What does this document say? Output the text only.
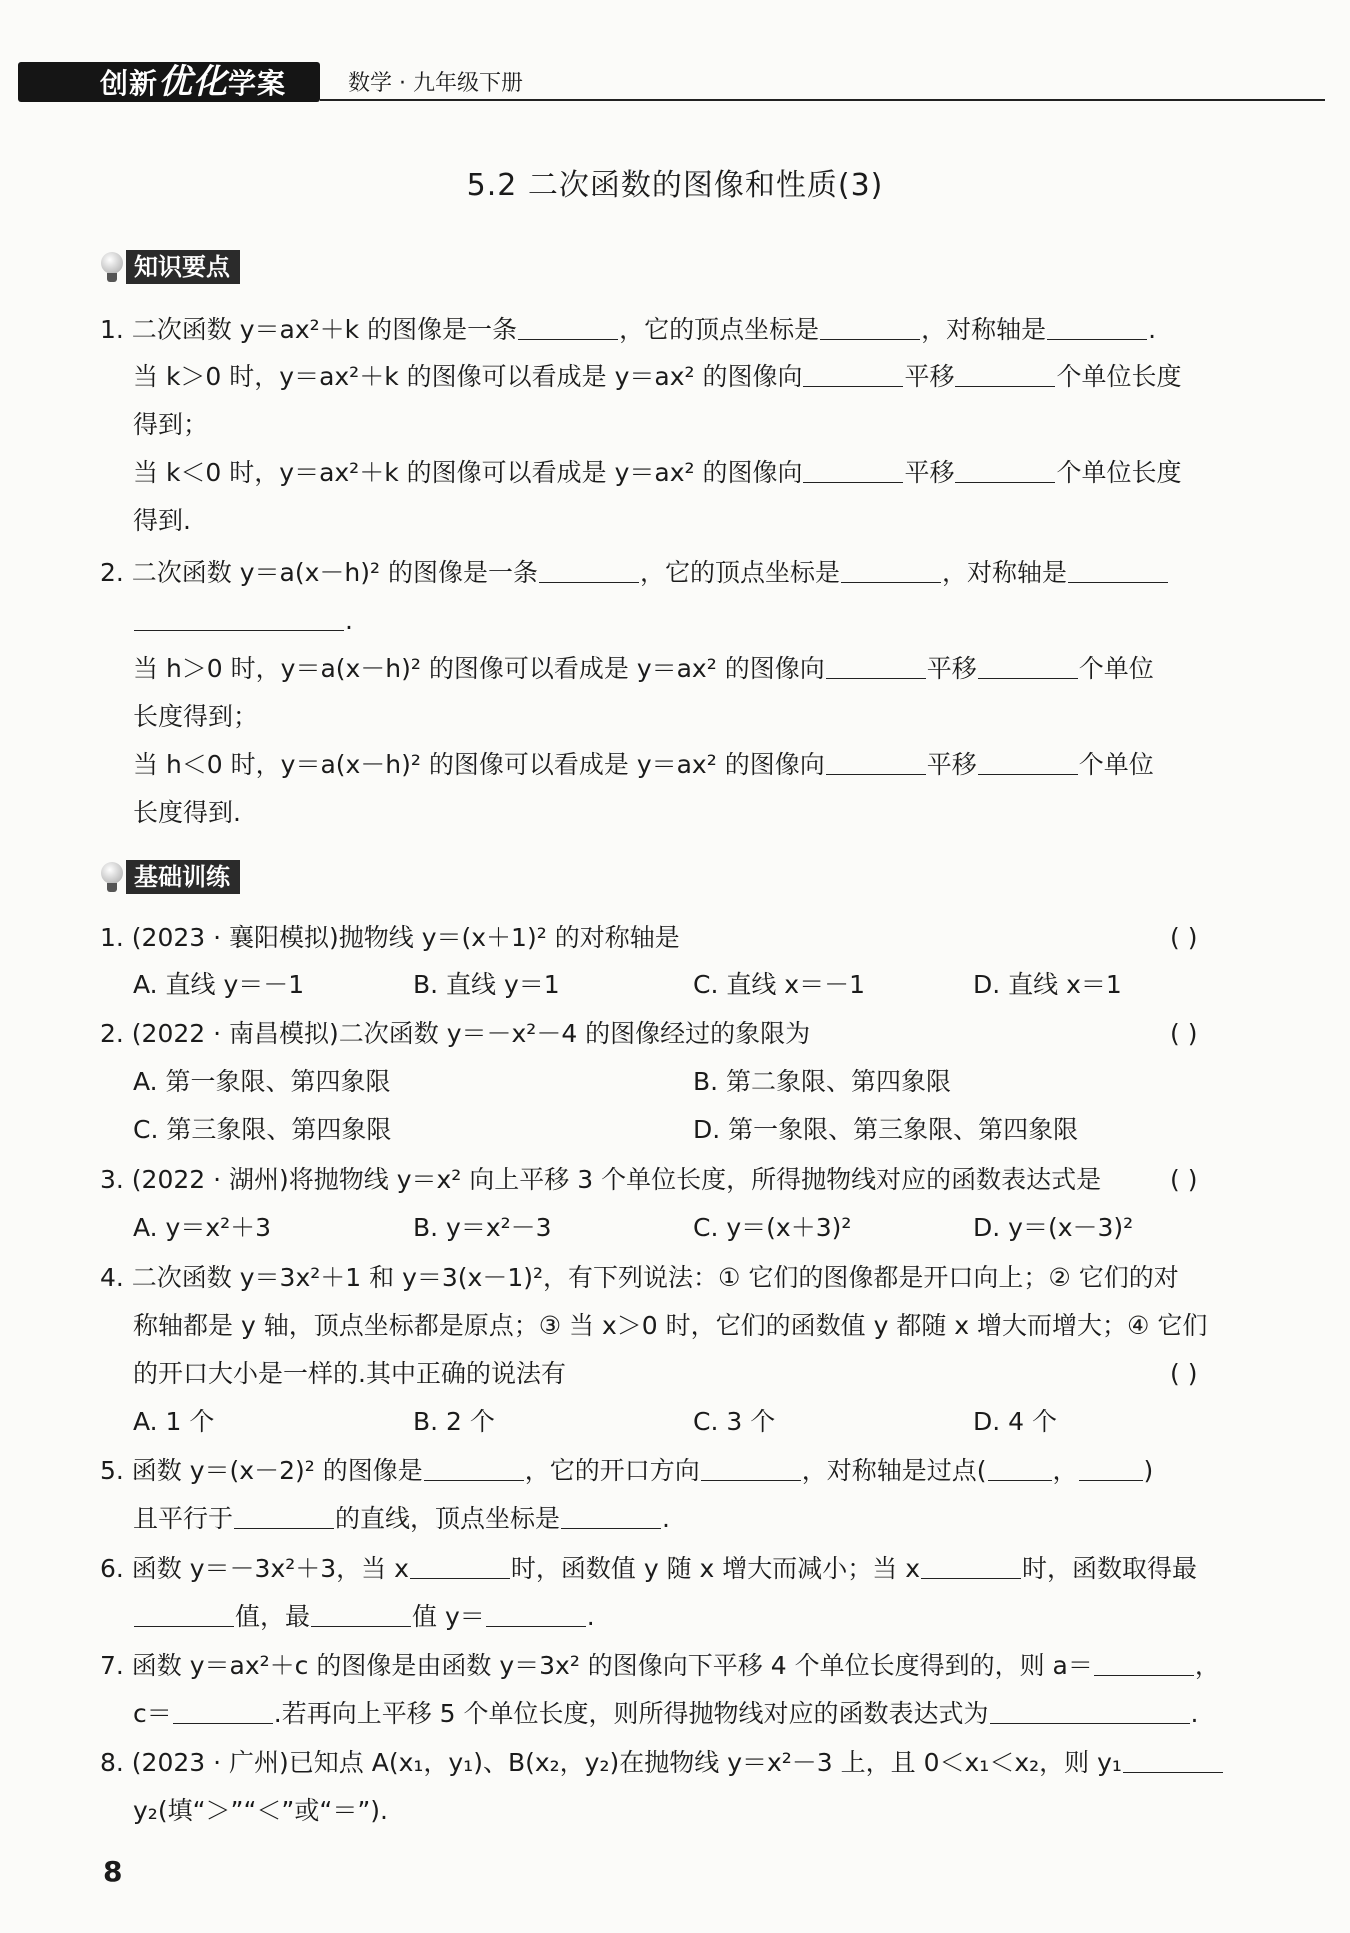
创新优化学案	数学 · 九年级下册
5.2 二次函数的图像和性质(3)
知识要点
1. 二次函数 y＝ax²＋k 的图像是一条	，它的顶点坐标是	，对称轴是	.
当 k＞0 时，y＝ax²＋k 的图像可以看成是 y＝ax² 的图像向	平移	个单位长度
得到；
当 k＜0 时，y＝ax²＋k 的图像可以看成是 y＝ax² 的图像向	平移	个单位长度
得到.
2. 二次函数 y＝a(x－h)² 的图像是一条	，它的顶点坐标是	，对称轴是
.
当 h＞0 时，y＝a(x－h)² 的图像可以看成是 y＝ax² 的图像向	平移	个单位
长度得到；
当 h＜0 时，y＝a(x－h)² 的图像可以看成是 y＝ax² 的图像向	平移	个单位
长度得到.
基础训练
1. (2023 · 襄阳模拟)抛物线 y＝(x＋1)² 的对称轴是	( )
A. 直线 y＝－1	B. 直线 y＝1	C. 直线 x＝－1	D. 直线 x＝1
2. (2022 · 南昌模拟)二次函数 y＝－x²－4 的图像经过的象限为	( )
A. 第一象限、第四象限	B. 第二象限、第四象限
C. 第三象限、第四象限	D. 第一象限、第三象限、第四象限
3. (2022 · 湖州)将抛物线 y＝x² 向上平移 3 个单位长度，所得抛物线对应的函数表达式是	( )
A. y＝x²＋3	B. y＝x²－3	C. y＝(x＋3)²	D. y＝(x－3)²
4. 二次函数 y＝3x²＋1 和 y＝3(x－1)²，有下列说法：① 它们的图像都是开口向上；② 它们的对
称轴都是 y 轴，顶点坐标都是原点；③ 当 x＞0 时，它们的函数值 y 都随 x 增大而增大；④ 它们
的开口大小是一样的.其中正确的说法有	( )
A. 1 个	B. 2 个	C. 3 个	D. 4 个
5. 函数 y＝(x－2)² 的图像是	，它的开口方向	，对称轴是过点(	，	)
且平行于	的直线，顶点坐标是	.
6. 函数 y＝－3x²＋3，当 x	时，函数值 y 随 x 增大而减小；当 x	时，函数取得最
值，最	值 y＝	.
7. 函数 y＝ax²＋c 的图像是由函数 y＝3x² 的图像向下平移 4 个单位长度得到的，则 a＝	，
c＝	.若再向上平移 5 个单位长度，则所得抛物线对应的函数表达式为	.
8. (2023 · 广州)已知点 A(x₁，y₁)、B(x₂，y₂)在抛物线 y＝x²－3 上，且 0＜x₁＜x₂，则 y₁
y₂(填“＞”“＜”或“＝”).
8
